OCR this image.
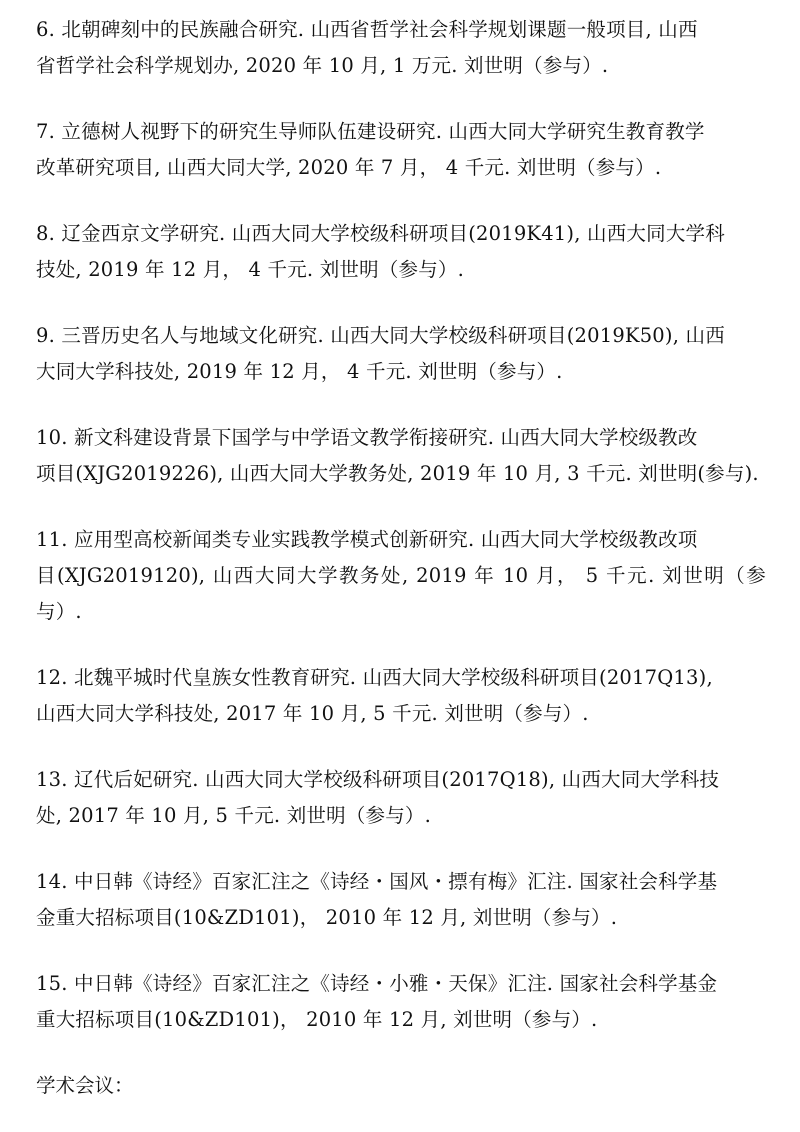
6. 北朝碑刻中的民族融合研究. 山西省哲学社会科学规划课题一般项目, 山西
省哲学社会科学规划办, 2020 年 10 月, 1 万元. 刘世明（参与）.
7. 立德树人视野下的研究生导师队伍建设研究. 山西大同大学研究生教育教学
改革研究项目, 山西大同大学, 2020 年 7 月， 4 千元. 刘世明（参与）.
8. 辽金西京文学研究. 山西大同大学校级科研项目(2019K41), 山西大同大学科
技处, 2019 年 12 月， 4 千元. 刘世明（参与）.
9. 三晋历史名人与地域文化研究. 山西大同大学校级科研项目(2019K50), 山西
大同大学科技处, 2019 年 12 月， 4 千元. 刘世明（参与）.
10. 新文科建设背景下国学与中学语文教学衔接研究. 山西大同大学校级教改
项目(XJG2019226), 山西大同大学教务处, 2019 年 10 月, 3 千元. 刘世明(参与).
11. 应用型高校新闻类专业实践教学模式创新研究. 山西大同大学校级教改项
目(XJG2019120), 山西大同大学教务处, 2019 年 10 月， 5 千元. 刘世明（参与）.
12. 北魏平城时代皇族女性教育研究. 山西大同大学校级科研项目(2017Q13),
山西大同大学科技处, 2017 年 10 月, 5 千元. 刘世明（参与）.
13. 辽代后妃研究. 山西大同大学校级科研项目(2017Q18), 山西大同大学科技
处, 2017 年 10 月, 5 千元. 刘世明（参与）.
14. 中日韩《诗经》百家汇注之《诗经・国风・摽有梅》汇注. 国家社会科学基
金重大招标项目(10&ZD101)， 2010 年 12 月, 刘世明（参与）.
15. 中日韩《诗经》百家汇注之《诗经・小雅・天保》汇注. 国家社会科学基金
重大招标项目(10&ZD101)， 2010 年 12 月, 刘世明（参与）.
学术会议：
